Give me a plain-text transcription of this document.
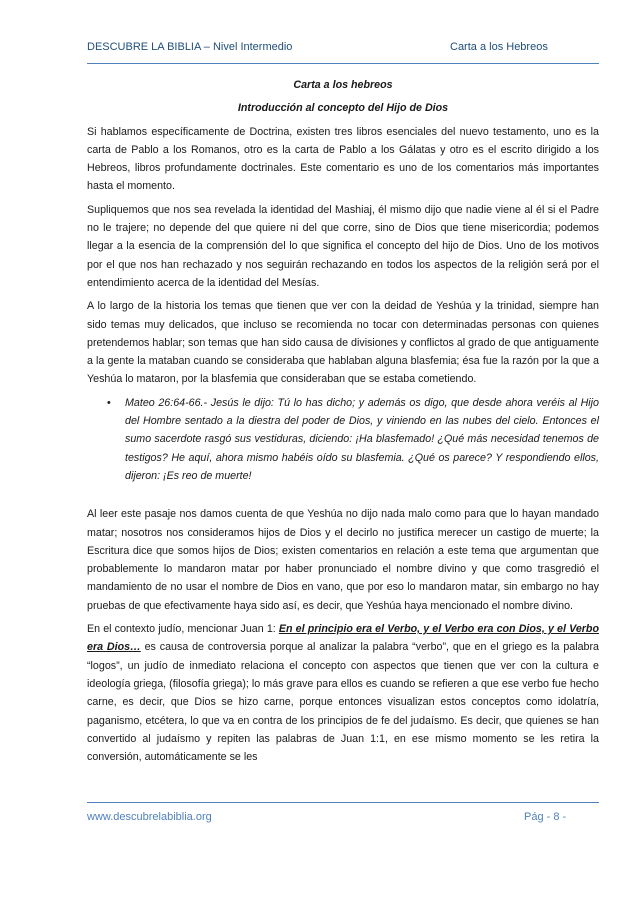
DESCUBRE LA BIBLIA – Nivel Intermedio	Carta a los Hebreos

Carta a los hebreos

Introducción al concepto del Hijo de Dios

Si hablamos específicamente de Doctrina, existen tres libros esenciales del nuevo testamento, uno es la carta de Pablo a los Romanos, otro es la carta de Pablo a los Gálatas y otro es el escrito dirigido a los Hebreos, libros profundamente doctrinales. Este comentario es uno de los comentarios más importantes hasta el momento.

Supliquemos que nos sea revelada la identidad del Mashiaj, él mismo dijo que nadie viene al él si el Padre no le trajere; no depende del que quiere ni del que corre, sino de Dios que tiene misericordia; podemos llegar a la esencia de la comprensión del lo que significa el concepto del hijo de Dios. Uno de los motivos por el que nos han rechazado y nos seguirán rechazando en todos los aspectos de la religión será por el entendimiento acerca de la identidad del Mesías.

A lo largo de la historia los temas que tienen que ver con la deidad de Yeshúa y la trinidad, siempre han sido temas muy delicados, que incluso se recomienda no tocar con determinadas personas con quienes pretendemos hablar; son temas que han sido causa de divisiones y conflictos al grado de que antiguamente a la gente la mataban cuando se consideraba que hablaban alguna blasfemia; ésa fue la razón por la que a Yeshúa lo mataron, por la blasfemia que consideraban que se estaba cometiendo.

• Mateo 26:64-66.- Jesús le dijo: Tú lo has dicho; y además os digo, que desde ahora veréis al Hijo del Hombre sentado a la diestra del poder de Dios, y viniendo en las nubes del cielo. Entonces el sumo sacerdote rasgó sus vestiduras, diciendo: ¡Ha blasfemado! ¿Qué más necesidad tenemos de testigos? He aquí, ahora mismo habéis oído su blasfemia. ¿Qué os parece? Y respondiendo ellos, dijeron: ¡Es reo de muerte!

Al leer este pasaje nos damos cuenta de que Yeshúa no dijo nada malo como para que lo hayan mandado matar; nosotros nos consideramos hijos de Dios y el decirlo no justifica merecer un castigo de muerte; la Escritura dice que somos hijos de Dios; existen comentarios en relación a este tema que argumentan que probablemente lo mandaron matar por haber pronunciado el nombre divino y que como trasgredió el mandamiento de no usar el nombre de Dios en vano, que por eso lo mandaron matar, sin embargo no hay pruebas de que efectivamente haya sido así, es decir, que Yeshúa haya mencionado el nombre divino.

En el contexto judío, mencionar Juan 1: En el principio era el Verbo, y el Verbo era con Dios, y el Verbo era Dios… es causa de controversia porque al analizar la palabra “verbo”, que en el griego es la palabra “logos”, un judío de inmediato relaciona el concepto con aspectos que tienen que ver con la cultura e ideología griega, (filosofía griega); lo más grave para ellos es cuando se refieren a que ese verbo fue hecho carne, es decir, que Dios se hizo carne, porque entonces visualizan estos conceptos como idolatría, paganismo, etcétera, lo que va en contra de los principios de fe del judaísmo. Es decir, que quienes se han convertido al judaísmo y repiten las palabras de Juan 1:1, en ese mismo momento se les retira la conversión, automáticamente se les

www.descubrelabiblia.org	Pág - 8 -
